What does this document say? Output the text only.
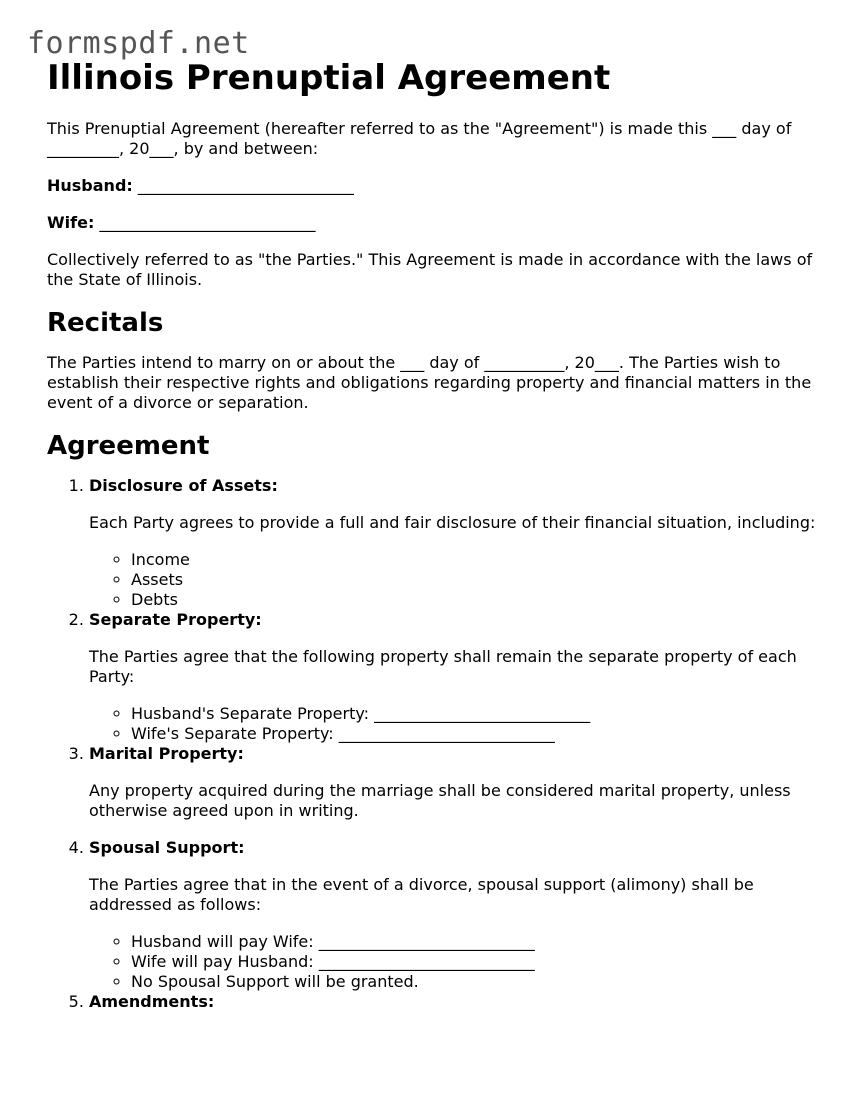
formspdf.net
Illinois Prenuptial Agreement

This Prenuptial Agreement (hereafter referred to as the "Agreement") is made this ___ day of _________, 20___, by and between:

Husband: ___________________________

Wife: ___________________________

Collectively referred to as "the Parties." This Agreement is made in accordance with the laws of the State of Illinois.

Recitals

The Parties intend to marry on or about the ___ day of __________, 20___. The Parties wish to establish their respective rights and obligations regarding property and financial matters in the event of a divorce or separation.

Agreement
1. Disclosure of Assets:

Each Party agrees to provide a full and fair disclosure of their financial situation, including:

◦ Income
◦ Assets
◦ Debts
2. Separate Property:

The Parties agree that the following property shall remain the separate property of each Party:

◦ Husband's Separate Property: ___________________________
◦ Wife's Separate Property: ___________________________
3. Marital Property:

Any property acquired during the marriage shall be considered marital property, unless otherwise agreed upon in writing.

4. Spousal Support:

The Parties agree that in the event of a divorce, spousal support (alimony) shall be addressed as follows:

◦ Husband will pay Wife: ___________________________
◦ Wife will pay Husband: ___________________________
◦ No Spousal Support will be granted.
5. Amendments:
